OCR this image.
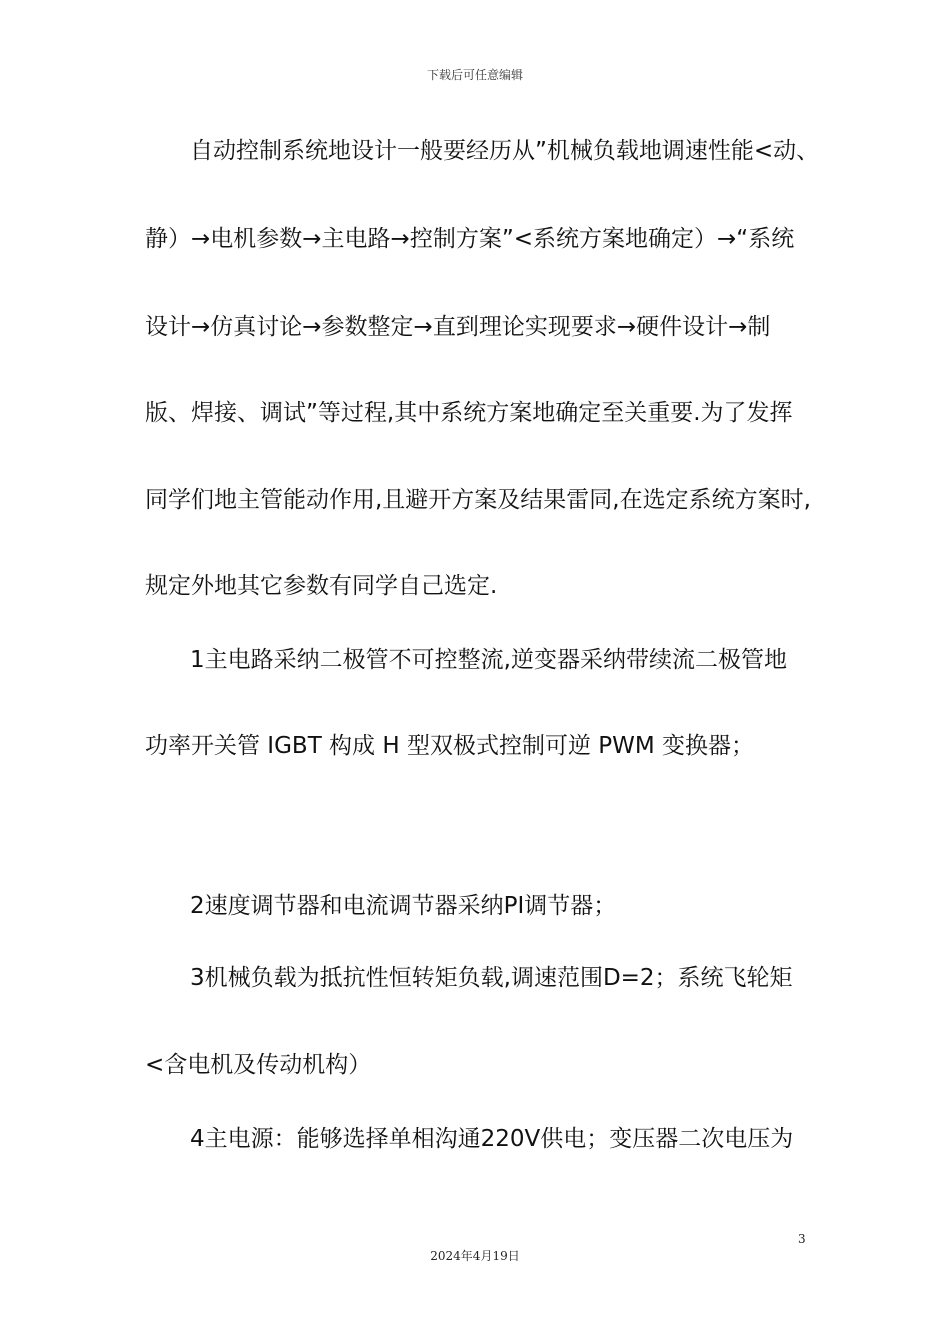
下载后可任意编辑
自动控制系统地设计一般要经历从”机械负载地调速性能<动、
静）→电机参数→主电路→控制方案”<系统方案地确定）→“系统
设计→仿真讨论→参数整定→直到理论实现要求→硬件设计→制
版、焊接、调试”等过程,其中系统方案地确定至关重要.为了发挥
同学们地主管能动作用,且避开方案及结果雷同,在选定系统方案时,
规定外地其它参数有同学自己选定.
1主电路采纳二极管不可控整流,逆变器采纳带续流二极管地
功率开关管 IGBT 构成 H 型双极式控制可逆 PWM 变换器；
2速度调节器和电流调节器采纳PI调节器；
3机械负载为抵抗性恒转矩负载,调速范围D=2；系统飞轮矩
<含电机及传动机构）
4主电源：能够选择单相沟通220V供电；变压器二次电压为
3
2024年4月19日
